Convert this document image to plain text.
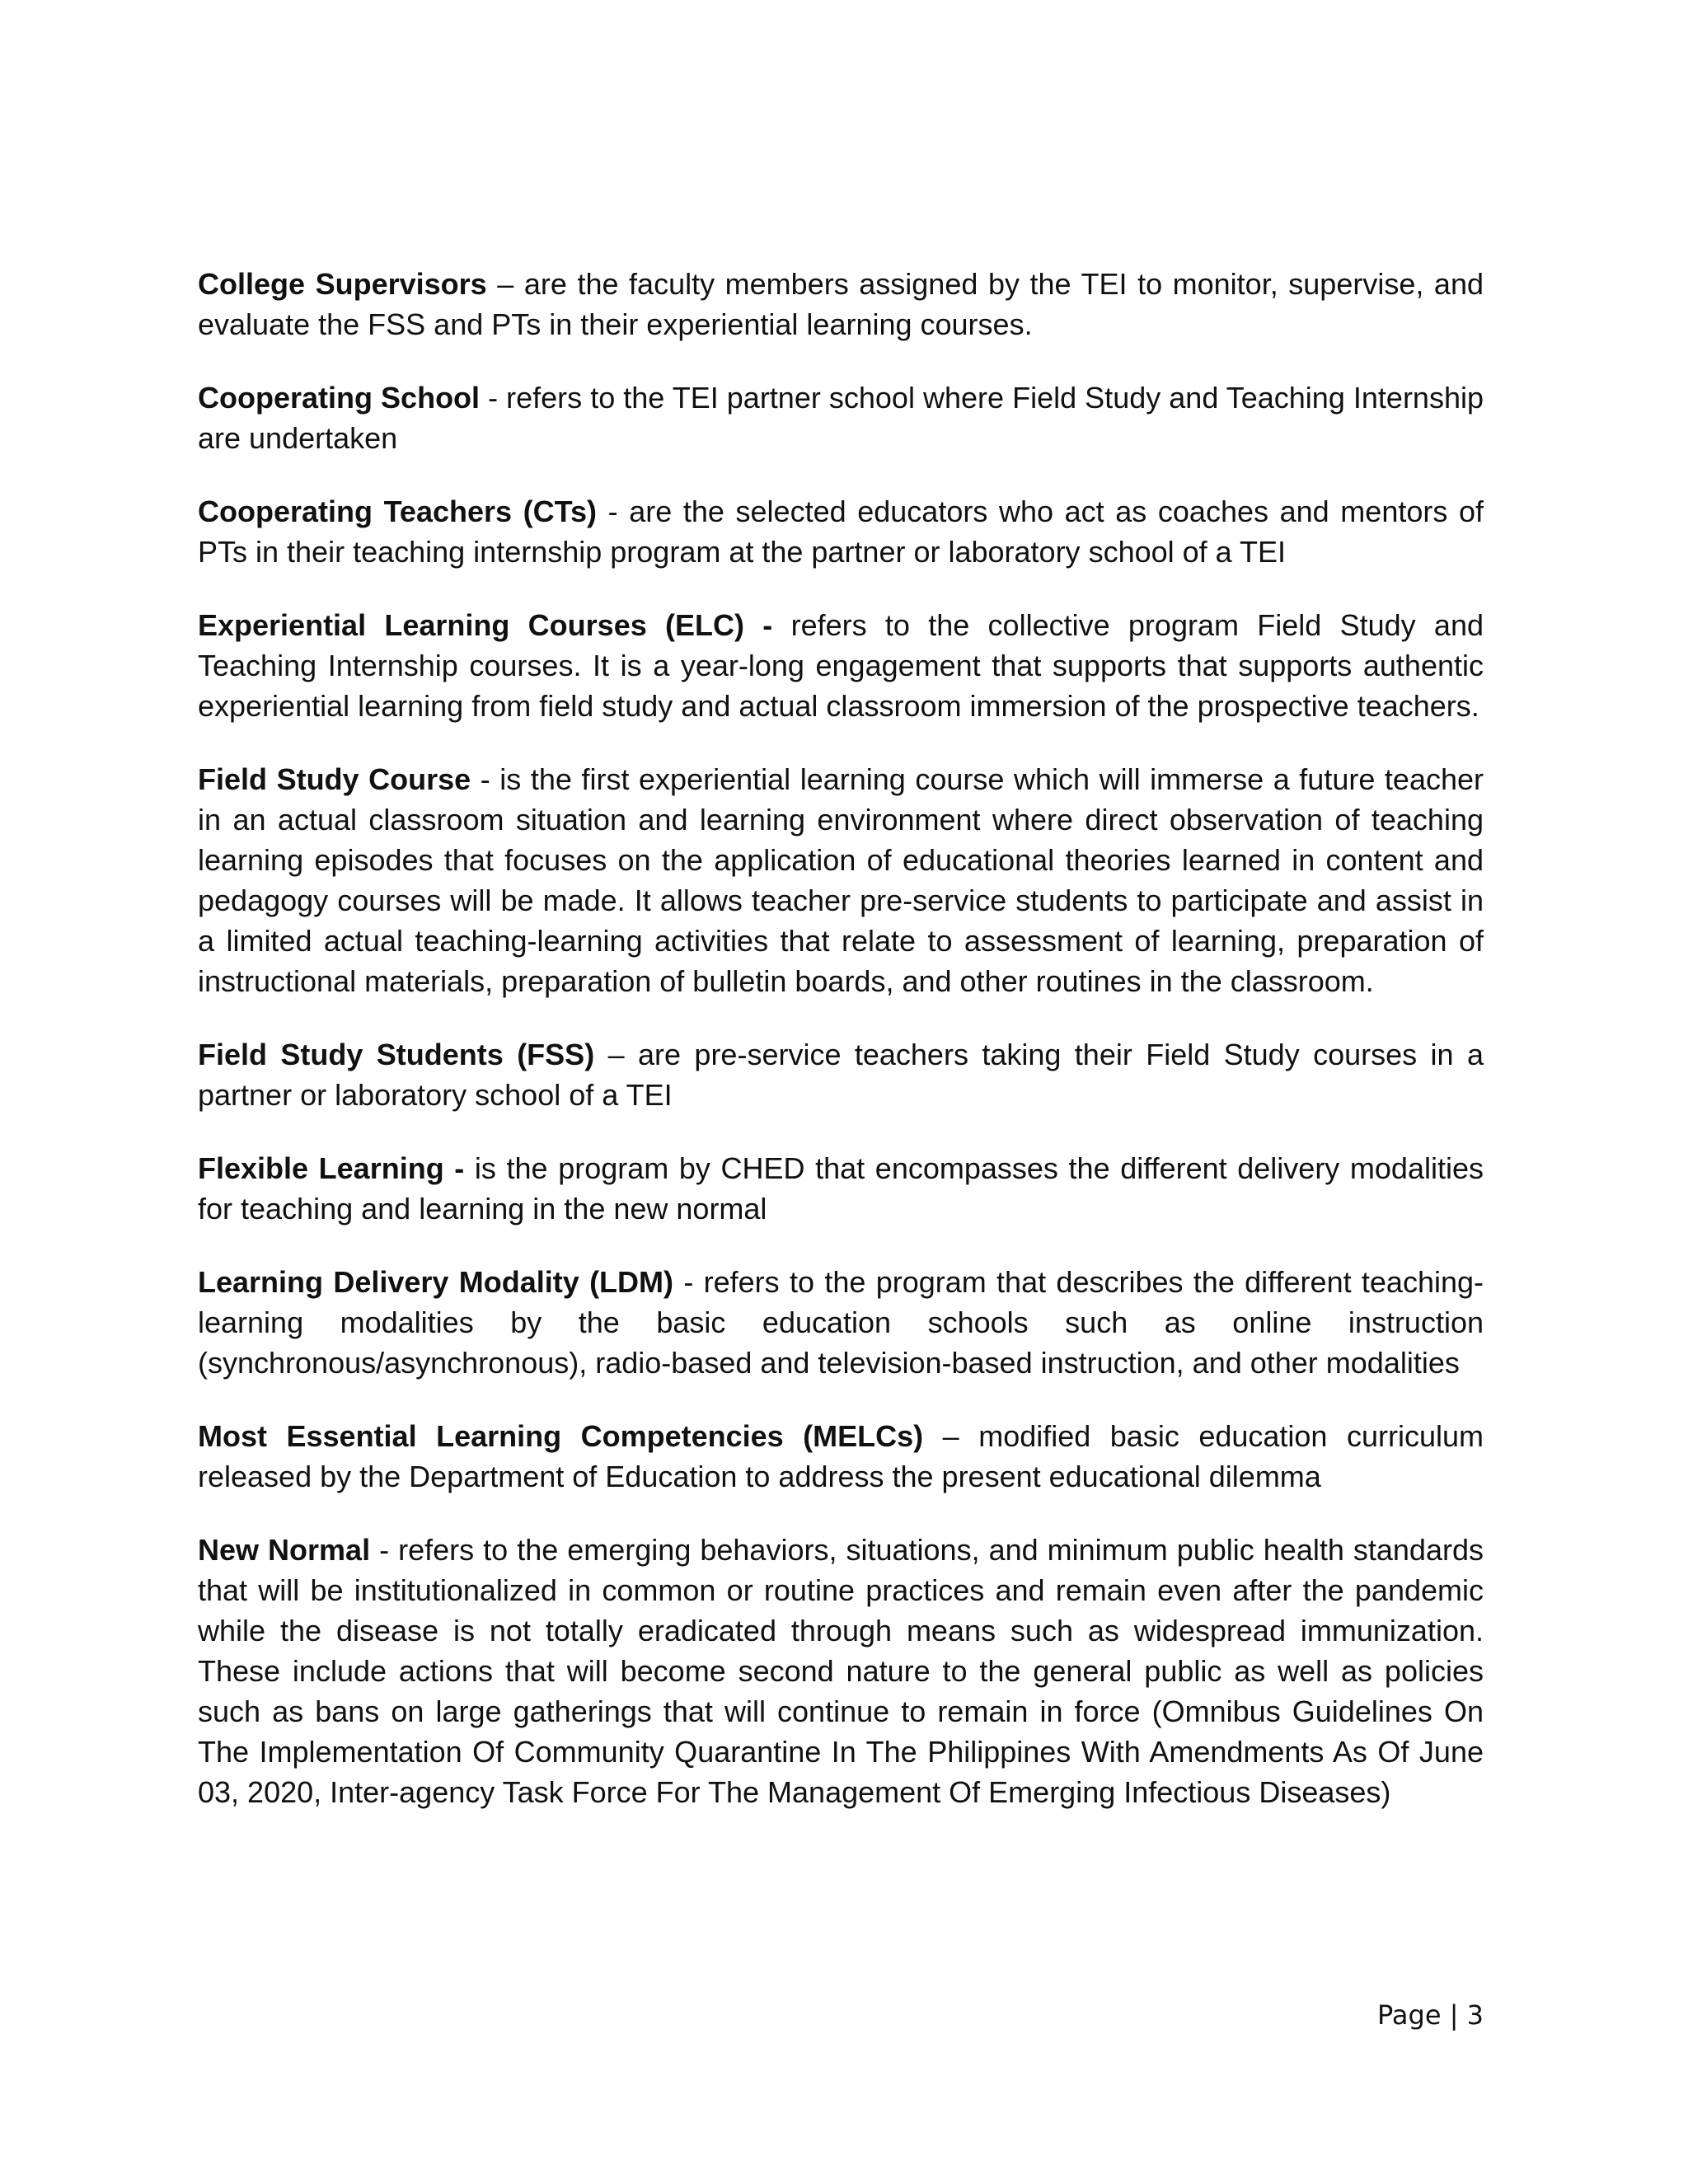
College Supervisors – are the faculty members assigned by the TEI to monitor, supervise, and evaluate the FSS and PTs in their experiential learning courses.

Cooperating School - refers to the TEI partner school where Field Study and Teaching Internship are undertaken

Cooperating Teachers (CTs) - are the selected educators who act as coaches and mentors of PTs in their teaching internship program at the partner or laboratory school of a TEI

Experiential Learning Courses (ELC) - refers to the collective program Field Study and Teaching Internship courses. It is a year-long engagement that supports that supports authentic experiential learning from field study and actual classroom immersion of the prospective teachers.

Field Study Course - is the first experiential learning course which will immerse a future teacher in an actual classroom situation and learning environment where direct observation of teaching learning episodes that focuses on the application of educational theories learned in content and pedagogy courses will be made. It allows teacher pre-service students to participate and assist in a limited actual teaching-learning activities that relate to assessment of learning, preparation of instructional materials, preparation of bulletin boards, and other routines in the classroom.

Field Study Students (FSS) – are pre-service teachers taking their Field Study courses in a partner or laboratory school of a TEI

Flexible Learning - is the program by CHED that encompasses the different delivery modalities for teaching and learning in the new normal

Learning Delivery Modality (LDM) - refers to the program that describes the different teaching-learning modalities by the basic education schools such as online instruction (synchronous/asynchronous), radio-based and television-based instruction, and other modalities

Most Essential Learning Competencies (MELCs) – modified basic education curriculum released by the Department of Education to address the present educational dilemma

New Normal - refers to the emerging behaviors, situations, and minimum public health standards that will be institutionalized in common or routine practices and remain even after the pandemic while the disease is not totally eradicated through means such as widespread immunization. These include actions that will become second nature to the general public as well as policies such as bans on large gatherings that will continue to remain in force (Omnibus Guidelines On The Implementation Of Community Quarantine In The Philippines With Amendments As Of June 03, 2020, Inter-agency Task Force For The Management Of Emerging Infectious Diseases)

Page | 3
